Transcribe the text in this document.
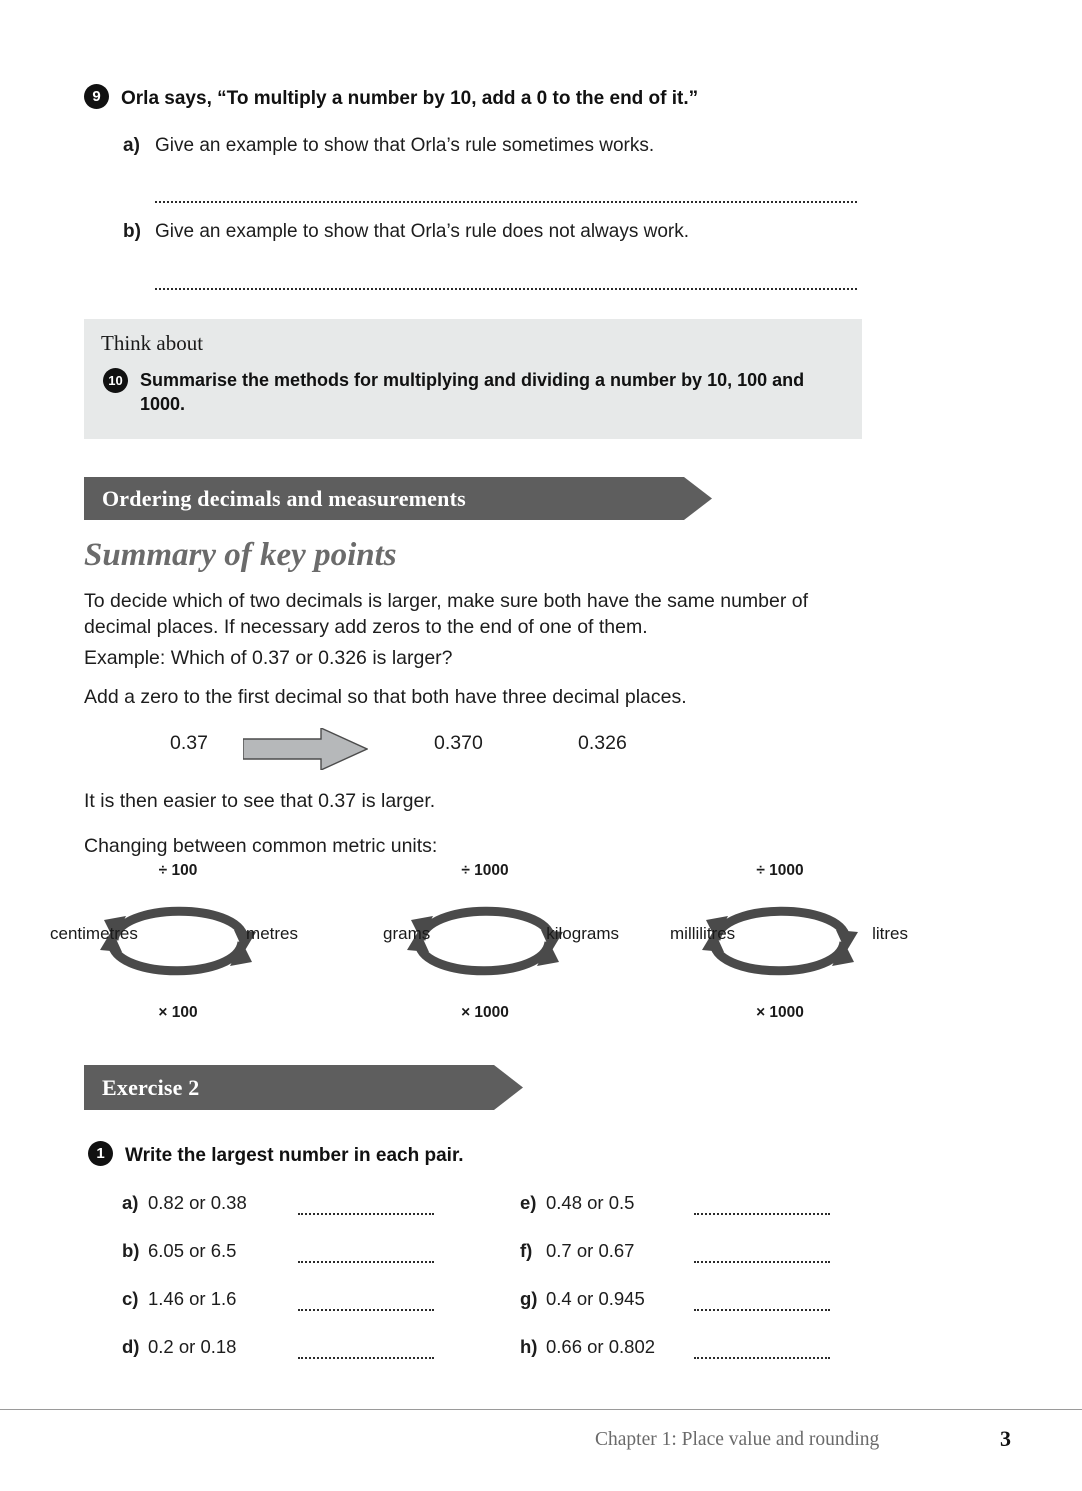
9	Orla says, “To multiply a number by 10, add a 0 to the end of it.”
a) Give an example to show that Orla’s rule sometimes works.
b) Give an example to show that Orla’s rule does not always work.
Think about
10 Summarise the methods for multiplying and dividing a number by 10, 100 and 1000.
Ordering decimals and measurements
Summary of key points
To decide which of two decimals is larger, make sure both have the same number of decimal places. If necessary add zeros to the end of one of them.
Example: Which of 0.37 or 0.326 is larger?
Add a zero to the first decimal so that both have three decimal places.
0.37	0.370	0.326
It is then easier to see that 0.37 is larger.
Changing between common metric units:
÷ 100
centimetres	metres
× 100
÷ 1000
grams	kilograms
× 1000
÷ 1000
millilitres	litres
× 1000
Exercise 2
1	Write the largest number in each pair.
a) 0.82 or 0.38
b) 6.05 or 6.5
c) 1.46 or 1.6
d) 0.2 or 0.18
e) 0.48 or 0.5
f) 0.7 or 0.67
g) 0.4 or 0.945
h) 0.66 or 0.802
Chapter 1: Place value and rounding	3
